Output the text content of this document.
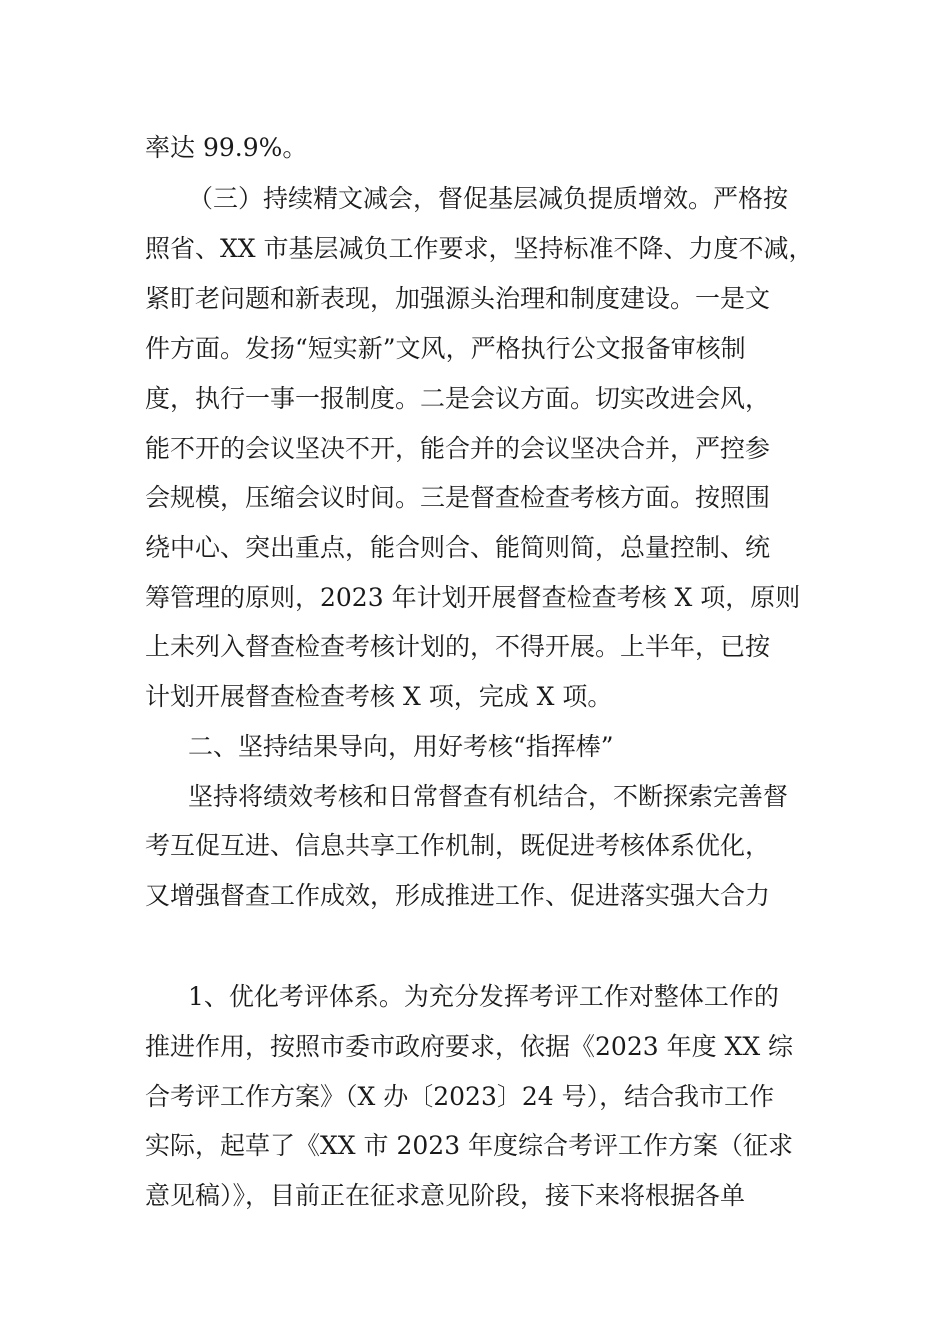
率达 99.9%。
（三）持续精文减会，督促基层减负提质增效。严格按
照省、XX 市基层减负工作要求，坚持标准不降、力度不减，
紧盯老问题和新表现，加强源头治理和制度建设。一是文
件方面。发扬“短实新”文风，严格执行公文报备审核制
度，执行一事一报制度。二是会议方面。切实改进会风，
能不开的会议坚决不开，能合并的会议坚决合并，严控参
会规模，压缩会议时间。三是督查检查考核方面。按照围
绕中心、突出重点，能合则合、能简则简，总量控制、统
筹管理的原则，2023 年计划开展督查检查考核 X 项，原则
上未列入督查检查考核计划的，不得开展。上半年，已按
计划开展督查检查考核 X 项，完成 X 项。
二、坚持结果导向，用好考核“指挥棒”
坚持将绩效考核和日常督查有机结合，不断探索完善督
考互促互进、信息共享工作机制，既促进考核体系优化，
又增强督查工作成效，形成推进工作、促进落实强大合力
1、优化考评体系。为充分发挥考评工作对整体工作的
推进作用，按照市委市政府要求，依据《2023 年度 XX 综
合考评工作方案》（X 办〔2023〕24 号），结合我市工作
实际，起草了《XX 市 2023 年度综合考评工作方案（征求
意见稿）》，目前正在征求意见阶段，接下来将根据各单
